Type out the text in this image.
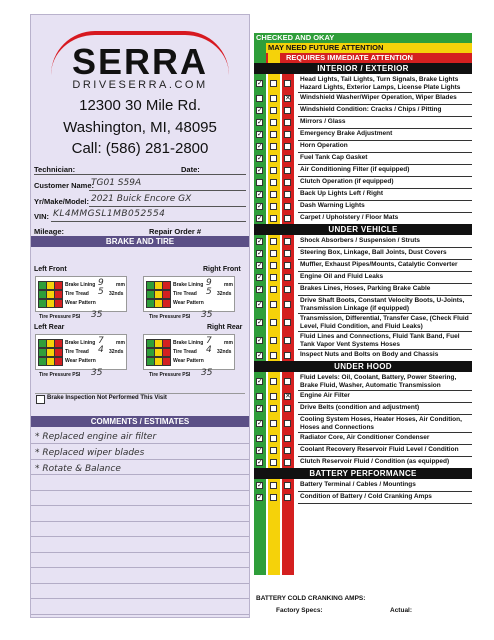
SERRA
DRIVESERRA.COM
12300 30 Mile Rd.
Washington, MI, 48095
Call: (586) 281-2800
Technician:	Date:
Customer Name:
TG01 S59A
Yr/Make/Model: 2021 Buick Encore GX
VIN: KL4MMGSL1MB052554
Mileage:	Repair Order #
BRAKE AND TIRE
Left Front	Right Front
Brake Lining 9 mm
Tire Tread 5 32nds
Wear Pattern
Tire Pressure PSI 35
Brake Lining 9 mm
Tire Tread 5 32nds
Wear Pattern
Tire Pressure PSI 35
Left Rear	Right Rear
Brake Lining 7 mm
Tire Tread 4 32nds
Wear Pattern
Tire Pressure PSI 35
Brake Lining 7 mm
Tire Tread 4 32nds
Wear Pattern
Tire Pressure PSI 35
Brake Inspection Not Performed This Visit
COMMENTS / ESTIMATES
* Replaced engine air filter
* Replaced wiper blades
* Rotate & Balance
CHECKED AND OKAY
MAY NEED FUTURE ATTENTION
REQUIRES IMMEDIATE ATTENTION
INTERIOR / EXTERIOR
✓	Head Lights, Tail Lights, Turn Signals, Brake Lights Hazard Lights, Exterior Lamps, License Plate Lights
✕ Windshield Washer/Wiper Operation, Wiper Blades
✓	Windshield Condition: Cracks / Chips / Pitting
✓	Mirrors / Glass
✓	Emergency Brake Adjustment
✓	Horn Operation
✓	Fuel Tank Cap Gasket
✓	Air Conditioning Filter (if equipped)
Clutch Operation (if equipped)
✓	Back Up Lights Left / Right
✓	Dash Warning Lights
✓	Carpet / Upholstery / Floor Mats
UNDER VEHICLE
✓	Shock Absorbers / Suspension / Struts
✓	Steering Box, Linkage, Ball Joints, Dust Covers
✓	Muffler, Exhaust Pipes/Mounts, Catalytic Converter
✓	Engine Oil and Fluid Leaks
✓	Brakes Lines, Hoses, Parking Brake Cable
✓	Drive Shaft Boots, Constant Velocity Boots, U-Joints, Transmission Linkage (if equipped)
✓	Transmission, Differential, Transfer Case, (Check Fluid Level, Fluid Condition, and Fluid Leaks)
✓	Fluid Lines and Connections, Fluid Tank Band, Fuel Tank Vapor Vent Systems Hoses
✓	Inspect Nuts and Bolts on Body and Chassis
UNDER HOOD
✓	Fluid Levels: Oil, Coolant, Battery, Power Steering, Brake Fluid, Washer, Automatic Transmission
✕ Engine Air Filter
✓	Drive Belts (condition and adjustment)
✓	Cooling System Hoses, Heater Hoses, Air Condition, Hoses and Connections
✓	Radiator Core, Air Conditioner Condenser
✓	Coolant Recovery Reservoir Fluid Level / Condition
✓	Clutch Reservoir Fluid / Condition (as equipped)
BATTERY PERFORMANCE
✓	Battery Terminal / Cables / Mountings
✓	Condition of Battery / Cold Cranking Amps
BATTERY COLD CRANKING AMPS:
Factory Specs:	Actual:
